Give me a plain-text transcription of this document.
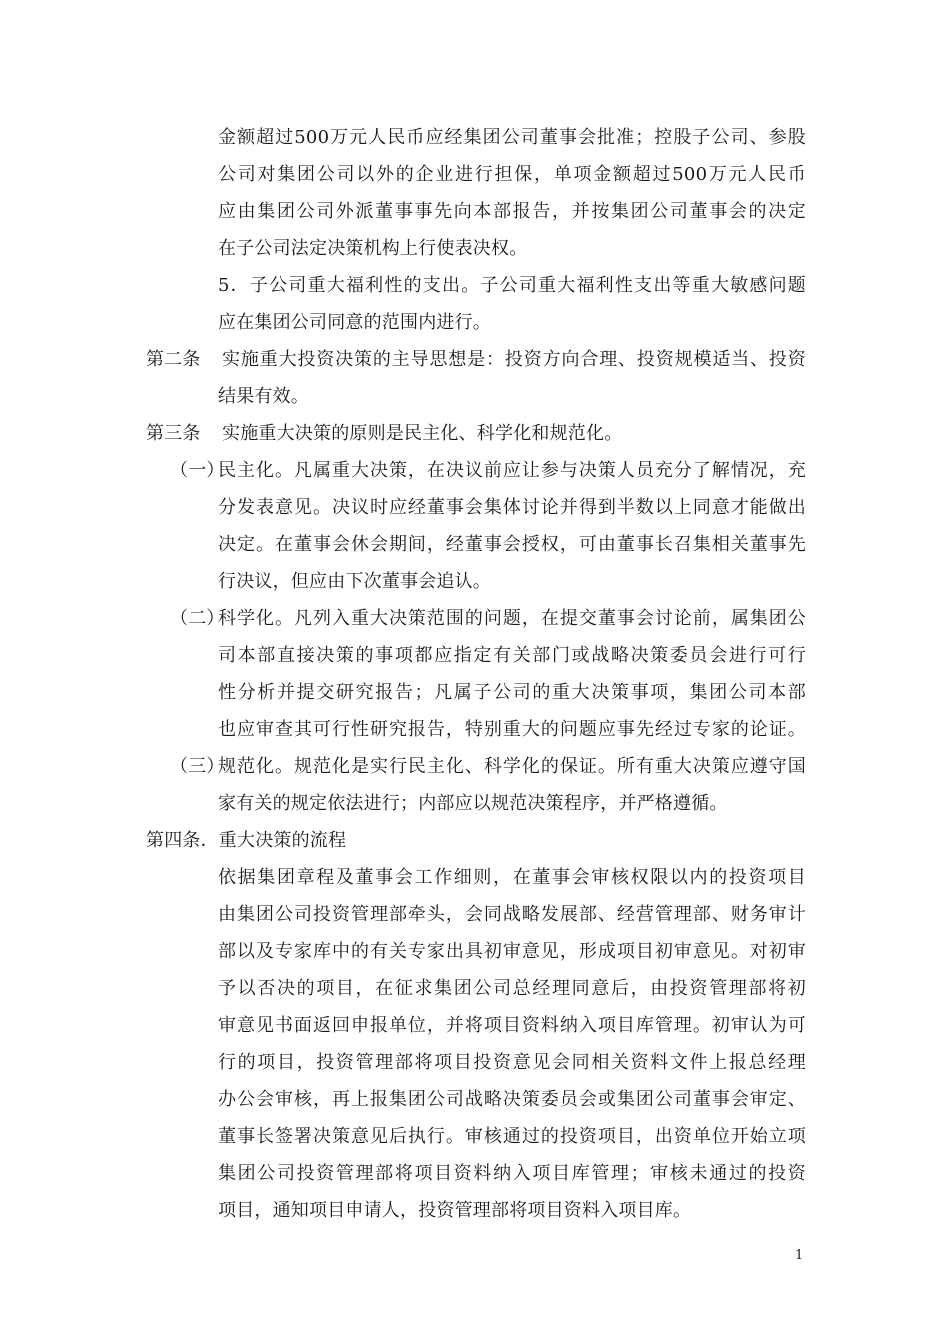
金额超过500万元人民币应经集团公司董事会批准；控股子公司、参股
公司对集团公司以外的企业进行担保，单项金额超过500万元人民币
应由集团公司外派董事事先向本部报告，并按集团公司董事会的决定
在子公司法定决策机构上行使表决权。
5．子公司重大福利性的支出。子公司重大福利性支出等重大敏感问题
应在集团公司同意的范围内进行。
第二条 实施重大投资决策的主导思想是：投资方向合理、投资规模适当、投资
结果有效。
第三条 实施重大决策的原则是民主化、科学化和规范化。
（一）
民主化。凡属重大决策，在决议前应让参与决策人员充分了解情况，充
分发表意见。决议时应经董事会集体讨论并得到半数以上同意才能做出
决定。在董事会休会期间，经董事会授权，可由董事长召集相关董事先
行决议，但应由下次董事会追认。
（二）
科学化。凡列入重大决策范围的问题，在提交董事会讨论前，属集团公
司本部直接决策的事项都应指定有关部门或战略决策委员会进行可行
性分析并提交研究报告；凡属子公司的重大决策事项，集团公司本部
也应审查其可行性研究报告，特别重大的问题应事先经过专家的论证。
（三）
规范化。规范化是实行民主化、科学化的保证。所有重大决策应遵守国
家有关的规定依法进行；内部应以规范决策程序，并严格遵循。
第四条．重大决策的流程
依据集团章程及董事会工作细则，在董事会审核权限以内的投资项目
由集团公司投资管理部牵头，会同战略发展部、经营管理部、财务审计
部以及专家库中的有关专家出具初审意见，形成项目初审意见。对初审
予以否决的项目，在征求集团公司总经理同意后，由投资管理部将初
审意见书面返回申报单位，并将项目资料纳入项目库管理。初审认为可
行的项目，投资管理部将项目投资意见会同相关资料文件上报总经理
办公会审核，再上报集团公司战略决策委员会或集团公司董事会审定、
董事长签署决策意见后执行。审核通过的投资项目，出资单位开始立项
集团公司投资管理部将项目资料纳入项目库管理；审核未通过的投资
项目，通知项目申请人，投资管理部将项目资料入项目库。
1
